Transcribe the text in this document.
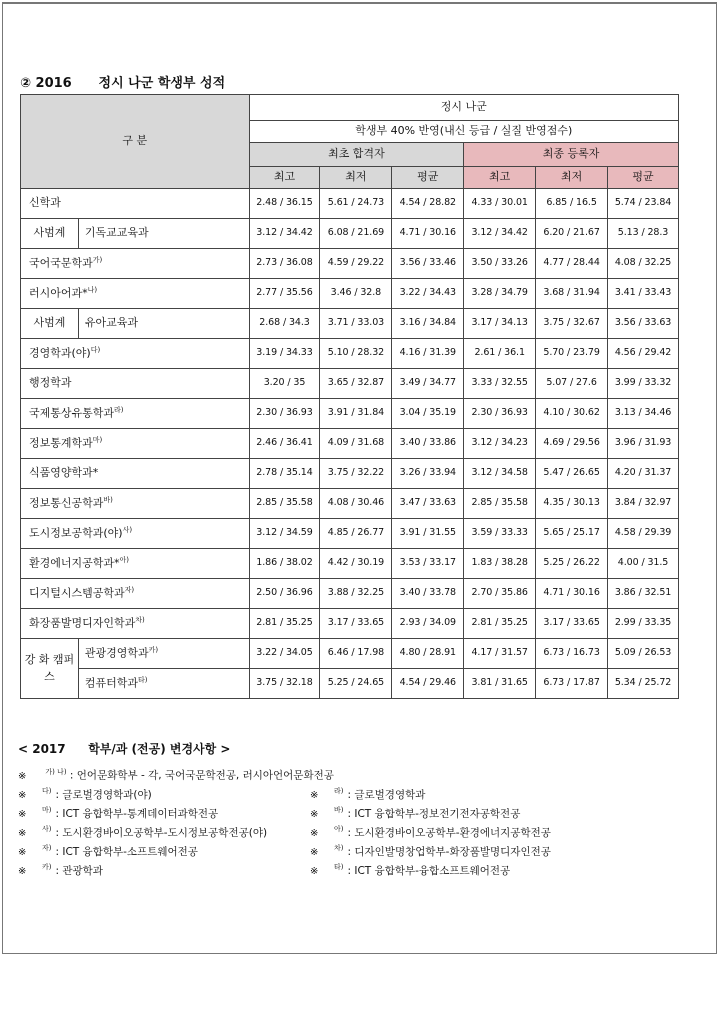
② 2016 정시 나군 학생부 성적
구 분		정시 나군					
		학생부 40% 반영(내신 등급 / 실질 반영점수)					
		최초 합격자			최종 등록자		
		최고	최저	평균	최고	최저	평균
신학과		2.48 / 36.15	5.61 / 24.73	4.54 / 28.82	4.33 / 30.01	6.85 / 16.5	5.74 / 23.84
사범계	기독교교육과	3.12 / 34.42	6.08 / 21.69	4.71 / 30.16	3.12 / 34.42	6.20 / 21.67	5.13 / 28.3
국어국문학과$^{가)}$		2.73 / 36.08	4.59 / 29.22	3.56 / 33.46	3.50 / 33.26	4.77 / 28.44	4.08 / 32.25
러시아어과*$^{나)}$		2.77 / 35.56	3.46 / 32.8	3.22 / 34.43	3.28 / 34.79	3.68 / 31.94	3.41 / 33.43
사범계	유아교육과	2.68 / 34.3	3.71 / 33.03	3.16 / 34.84	3.17 / 34.13	3.75 / 32.67	3.56 / 33.63
경영학과(야)$^{다)}$		3.19 / 34.33	5.10 / 28.32	4.16 / 31.39	2.61 / 36.1	5.70 / 23.79	4.56 / 29.42
행정학과		3.20 / 35	3.65 / 32.87	3.49 / 34.77	3.33 / 32.55	5.07 / 27.6	3.99 / 33.32
국제통상유통학과$^{라)}$		2.30 / 36.93	3.91 / 31.84	3.04 / 35.19	2.30 / 36.93	4.10 / 30.62	3.13 / 34.46
정보통계학과$^{마)}$		2.46 / 36.41	4.09 / 31.68	3.40 / 33.86	3.12 / 34.23	4.69 / 29.56	3.96 / 31.93
식품영양학과*		2.78 / 35.14	3.75 / 32.22	3.26 / 33.94	3.12 / 34.58	5.47 / 26.65	4.20 / 31.37
정보통신공학과$^{바)}$		2.85 / 35.58	4.08 / 30.46	3.47 / 33.63	2.85 / 35.58	4.35 / 30.13	3.84 / 32.97
도시정보공학과(야)$^{사)}$		3.12 / 34.59	4.85 / 26.77	3.91 / 31.55	3.59 / 33.33	5.65 / 25.17	4.58 / 29.39
환경에너지공학과*$^{아)}$		1.86 / 38.02	4.42 / 30.19	3.53 / 33.17	1.83 / 38.28	5.25 / 26.22	4.00 / 31.5
디지털시스템공학과$^{자)}$		2.50 / 36.96	3.88 / 32.25	3.40 / 33.78	2.70 / 35.86	4.71 / 30.16	3.86 / 32.51
화장품발명디자인학과$^{차)}$		2.81 / 35.25	3.17 / 33.65	2.93 / 34.09	2.81 / 35.25	3.17 / 33.65	2.99 / 33.35
강 화 캠퍼스	관광경영학과$^{카)}$	3.22 / 34.05	6.46 / 17.98	4.80 / 28.91	4.17 / 31.57	6.73 / 16.73	5.09 / 26.53
	컴퓨터학과$^{타)}$	3.75 / 32.18	5.25 / 24.65	4.54 / 29.46	3.81 / 31.65	6.73 / 17.87	5.34 / 25.72
< 2017 학부/과 (전공) 변경사항 >
※	$^{가) 나)}$ : 언어문화학부 - 각, 국어국문학전공, 러시아언어문화전공
※ $^{다)}$ : 글로벌경영학과(야)	※ $^{라)}$ : 글로벌경영학과
※ $^{마)}$ : ICT 융합학부-통계데이터과학전공	※ $^{바)}$ : ICT 융합학부-정보전기전자공학전공
※ $^{사)}$ : 도시환경바이오공학부-도시정보공학전공(야)	※ $^{아)}$ : 도시환경바이오공학부-환경에너지공학전공
※ $^{자)}$ : ICT 융합학부-소프트웨어전공	※ $^{차)}$ : 디자인발명창업학부-화장품발명디자인전공
※ $^{카)}$ : 관광학과	※ $^{타)}$ : ICT 융합학부-융합소프트웨어전공
